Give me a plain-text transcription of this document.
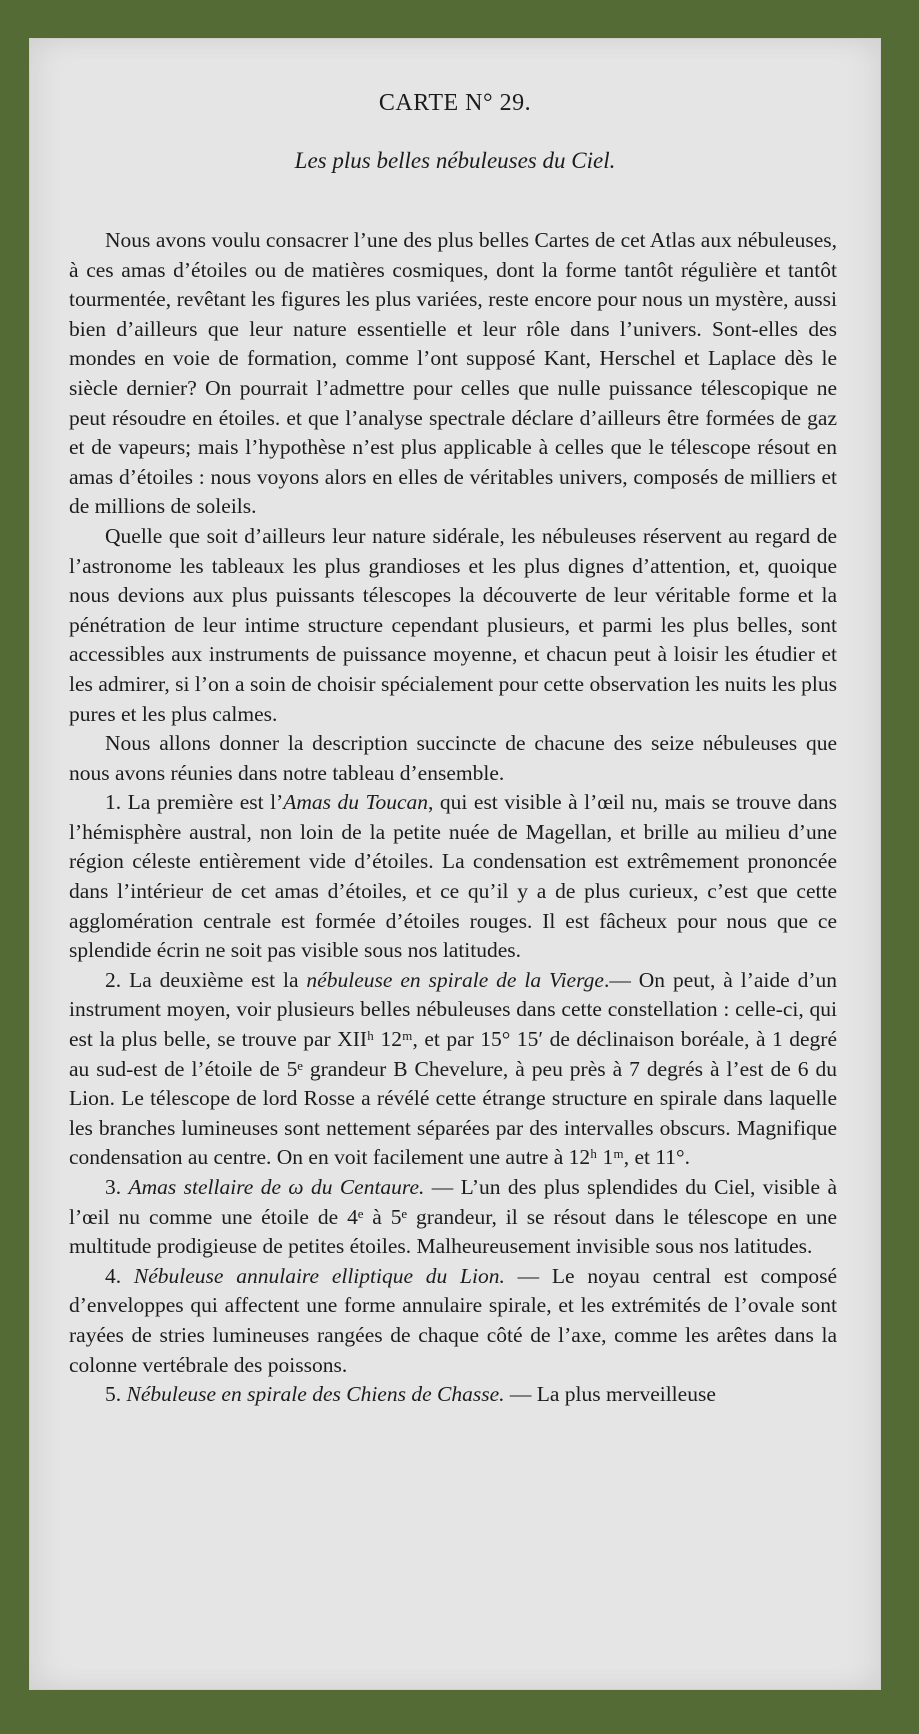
CARTE N° 29.
Les plus belles nébuleuses du Ciel.

Nous avons voulu consacrer l’une des plus belles Cartes de cet Atlas aux nébuleuses, à ces amas d’étoiles ou de matières cosmiques, dont la forme tantôt régulière et tantôt tourmentée, revêtant les figures les plus variées, reste encore pour nous un mystère, aussi bien d’ailleurs que leur nature essentielle et leur rôle dans l’univers. Sont-elles des mondes en voie de formation, comme l’ont supposé Kant, Herschel et Laplace dès le siècle dernier? On pourrait l’admettre pour celles que nulle puissance télescopique ne peut résoudre en étoiles. et que l’analyse spectrale déclare d’ailleurs être formées de gaz et de vapeurs; mais l’hypothèse n’est plus applicable à celles que le télescope résout en amas d’étoiles : nous voyons alors en elles de véritables univers, composés de milliers et de millions de soleils.

Quelle que soit d’ailleurs leur nature sidérale, les nébuleuses réservent au regard de l’astronome les tableaux les plus grandioses et les plus dignes d’attention, et, quoique nous devions aux plus puissants télescopes la découverte de leur véritable forme et la pénétration de leur intime structure cependant plusieurs, et parmi les plus belles, sont accessibles aux instruments de puissance moyenne, et chacun peut à loisir les étudier et les admirer, si l’on a soin de choisir spécialement pour cette observation les nuits les plus pures et les plus calmes.

Nous allons donner la description succincte de chacune des seize nébuleuses que nous avons réunies dans notre tableau d’ensemble.

1. La première est l’Amas du Toucan, qui est visible à l’œil nu, mais se trouve dans l’hémisphère austral, non loin de la petite nuée de Magellan, et brille au milieu d’une région céleste entièrement vide d’étoiles. La condensation est extrêmement prononcée dans l’intérieur de cet amas d’étoiles, et ce qu’il y a de plus curieux, c’est que cette agglomération centrale est formée d’étoiles rouges. Il est fâcheux pour nous que ce splendide écrin ne soit pas visible sous nos latitudes.

2. La deuxième est la nébuleuse en spirale de la Vierge.— On peut, à l’aide d’un instrument moyen, voir plusieurs belles nébuleuses dans cette constellation : celle-ci, qui est la plus belle, se trouve par XIIʰ 12ᵐ, et par 15° 15′ de déclinaison boréale, à 1 degré au sud-est de l’étoile de 5ᵉ grandeur B Chevelure, à peu près à 7 degrés à l’est de 6 du Lion. Le télescope de lord Rosse a révélé cette étrange structure en spirale dans laquelle les branches lumineuses sont nettement séparées par des intervalles obscurs. Magnifique condensation au centre. On en voit facilement une autre à 12ʰ 1ᵐ, et 11°.

3. Amas stellaire de ω du Centaure. — L’un des plus splendides du Ciel, visible à l’œil nu comme une étoile de 4ᵉ à 5ᵉ grandeur, il se résout dans le télescope en une multitude prodigieuse de petites étoiles. Malheureusement invisible sous nos latitudes.

4. Nébuleuse annulaire elliptique du Lion. — Le noyau central est composé d’enveloppes qui affectent une forme annulaire spirale, et les extrémités de l’ovale sont rayées de stries lumineuses rangées de chaque côté de l’axe, comme les arêtes dans la colonne vertébrale des poissons.

5. Nébuleuse en spirale des Chiens de Chasse. — La plus merveilleuse
